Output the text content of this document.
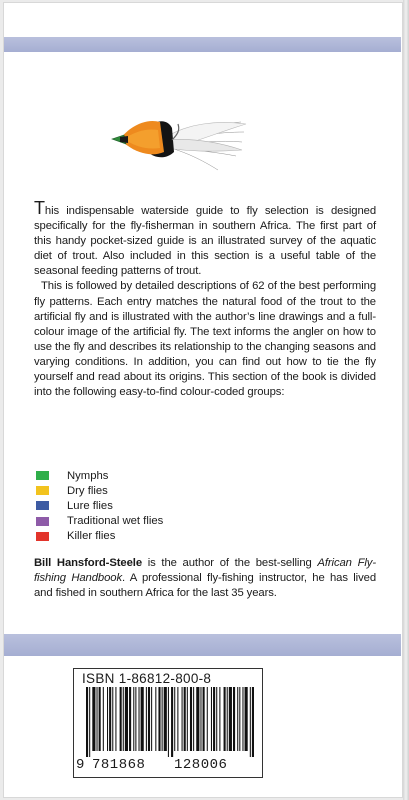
This indispensable waterside guide to fly selection is designed specifically for the fly-fisherman in southern Africa. The first part of this handy pocket-sized guide is an illustrated survey of the aquatic diet of trout. Also included in this section is a useful table of the seasonal feeding patterns of trout.

This is followed by detailed descriptions of 62 of the best performing fly patterns. Each entry matches the natural food of the trout to the artificial fly and is illustrated with the author’s line drawings and a full-colour image of the artificial fly. The text informs the angler on how to use the fly and describes its relationship to the changing seasons and varying conditions. In addition, you can find out how to tie the fly yourself and read about its origins. This section of the book is divided into the following easy-to-find colour-coded groups:

Nymphs
Dry flies
Lure flies
Traditional wet flies
Killer flies
Bill Hansford-Steele is the author of the best-selling African Fly-fishing Handbook. A professional fly-fishing instructor, he has lived and fished in southern Africa for the last 35 years.
ISBN 1-86812-800-8
9 781868 128006
